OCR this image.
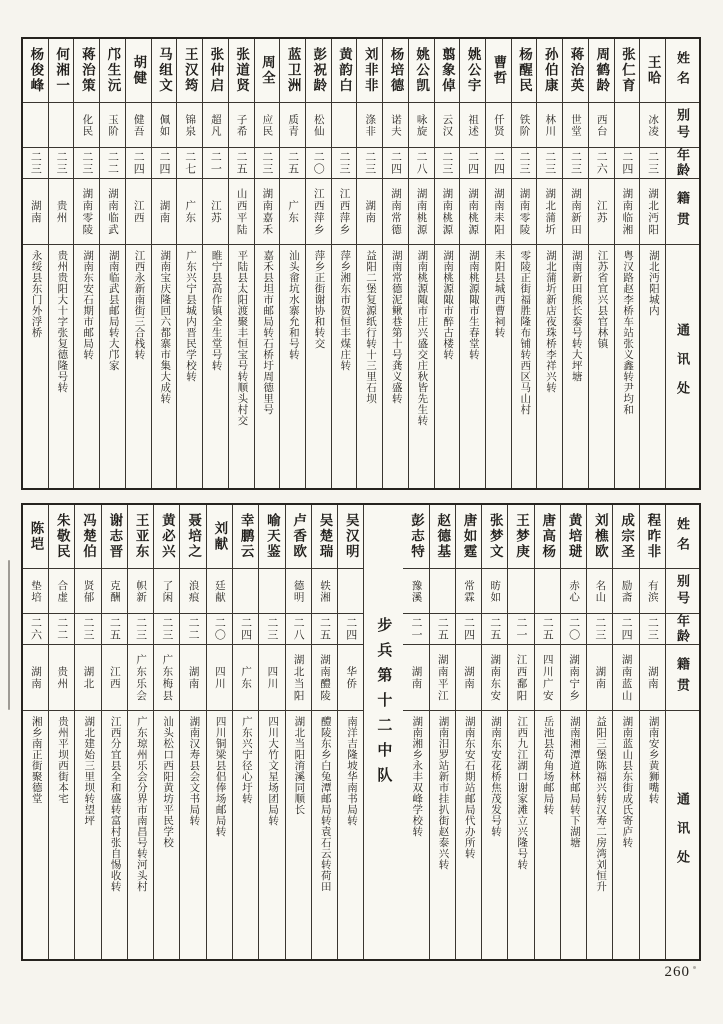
姓名
别号
年龄
籍贯
通讯处
王哈
冰凌
二三
湖北沔阳
湖北沔阳城内
张仁育
二四
湖南临湘
粤汉路赵李桥车站张义鑫转尹均和
周鹤龄
西台
二六
江苏
江苏省宜兴县官林镇
蒋治英
世堂
二三
湖南新田
湖南新田熊长泰号转大坪塘
孙伯康
林川
二三
湖北蒲圻
湖北蒲圻新店夜珠桥李祥兴转
杨醒民
铁阶
二三
湖南零陵
零陵正街福胜隆布铺转西区马山村
曹哲
仟贤
二四
湖南耒阳
耒阳县城西曹祠转
姚公宇
祖述
二四
湖南桃源
湖南桃源陬市生春堂转
翦象倬
云汉
二三
湖南桃源
湖南桃源陬市醉古楼转
姚公凯
咏旋
二八
湖南桃源
湖南桃源陬市庄兴盛交庄秋皆先生转
杨培德
诺夫
二四
湖南常德
湖南常德泥鳅巷第十号龚义盛转
刘非非
涤非
二三
湖南
益阳二堡复源纸行转十三里石坝
黄韵白
二三
江西萍乡
萍乡湘东市贺恒丰煤庄转
彭祝龄
松仙
二〇
江西萍乡
萍乡正街谢协和转交
蓝卫洲
质青
二五
广东
汕头畲坑水寨允和号转
周全
应民
二三
湖南嘉禾
嘉禾县坦市邮局转石桥圩周德里号
张道贤
子希
二五
山西平陆
平陆县太阳渡聚丰恒宝号转顺头村交
张仲启
超凡
二一
江苏
睢宁县高作镇全生堂号转
王汉筠
锦泉
二七
广东
广东兴宁县城内晋民学校转
马组文
佩如
二四
湖南
湖南宝庆隆回六都寨市集大成转
胡健
健吾
二四
江西
江西永新南街三合栈转
邝生沅
玉阶
二二
湖南临武
湖南临武县邮局转大邝家
蒋治策
化民
二三
湖南零陵
湖南东安石期市邮局转
何湘一
二三
贵州
贵州贵阳大十字张复德隆号转
杨俊峰
二三
湖南
永绥县东门外浮桥
姓名
别号
年龄
籍贯
通讯处
程昨非
有滨
二三
湖南
湖南安乡黄狮嘴转
成宗圣
励斋
二四
湖南蓝山
湖南蓝山县东街成氏寄庐转
刘樵欧
名山
二三
湖南
益阳三堡陈福兴转汉寿二房湾刘恒升
黄培琎
赤心
二〇
湖南宁乡
湖南湘潭道林邮局转下湖塘
唐高杨
二五
四川广安
岳池县苟角场邮局转
王梦庚
二一
江西鄱阳
江西九江湖口谢家滩立兴隆号转
张梦文
昉如
二五
湖南东安
湖南东安花桥焦茂发号转
唐如霆
常霖
二四
湖南
湖南东安石期站邮局代办所转
赵德基
二五
湖南平江
湖南汨罗站新市挂扒街赵泰兴转
彭志特
豫溪
二一
湖南
湖南湘乡永丰双峰学校转
步兵第十二中队
吴汉明
二四
华侨
南洋吉隆坡华南书局转
吴楚瑞
轶湘
二五
湖南醴陵
醴陵东乡白兔潭邮局转袁石云转荷田
卢香欧
德明
二八
湖北当阳
湖北当阳淯溪同顺长
喻天鉴
二三
四川
四川大竹文星场团局转
幸鹏云
二四
广东
广东兴宁径心圩转
刘献
廷献
二〇
四川
四川铜梁县侣俸场邮局转
聂培之
浪痕
二二
湖南
湖南汉寿县会文书局转
黄必兴
了闲
二三
广东梅县
汕头松口西阳黄坊平民学校
王亚东
帜新
二三
广东乐会
广东琼州乐会分界市南昌号转河头村
谢志晋
克酬
二五
江西
江西分宜县全和盛转富村张自惕收转
冯楚伯
贤郁
二三
湖北
湖北建始三里坝转望坪
朱敬民
合虚
二二
贵州
贵州平坝西街本宅
陈垲
垫培
二六
湖南
湘乡南正街聚德堂
260
